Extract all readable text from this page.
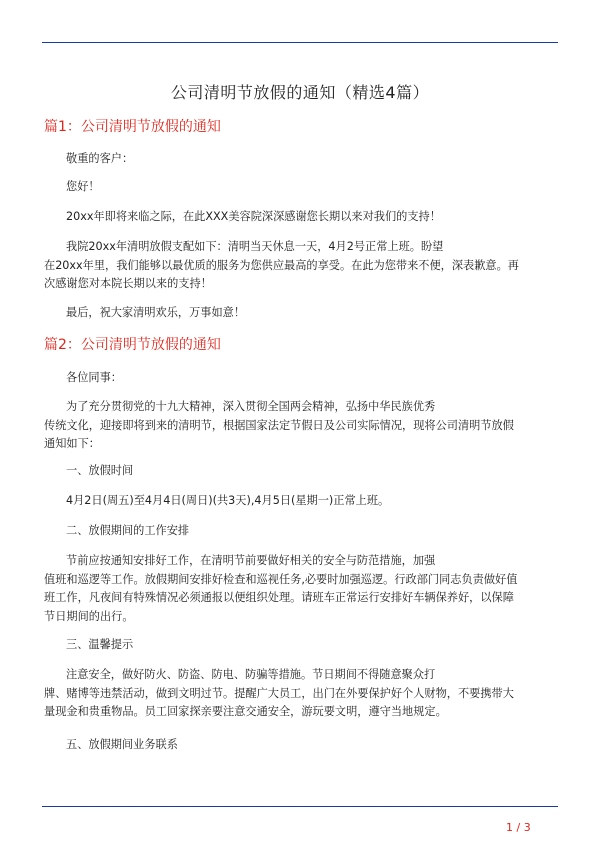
公司清明节放假的通知（精选4篇）
篇1：公司清明节放假的通知
敬重的客户：
您好！
20xx年即将来临之际，在此XXX美容院深深感谢您长期以来对我们的支持！
我院20xx年清明放假支配如下：清明当天休息一天，4月2号正常上班。盼望
在20xx年里，我们能够以最优质的服务为您供应最高的享受。在此为您带来不便，深表歉意。再
次感谢您对本院长期以来的支持！
最后，祝大家清明欢乐，万事如意！
篇2：公司清明节放假的通知
各位同事：
为了充分贯彻党的十九大精神，深入贯彻全国两会精神，弘扬中华民族优秀
传统文化，迎接即将到来的清明节，根据国家法定节假日及公司实际情况，现将公司清明节放假
通知如下：
一、放假时间
4月2日(周五)至4月4日(周日)(共3天),4月5日(星期一)正常上班。
二、放假期间的工作安排
节前应按通知安排好工作，在清明节前要做好相关的安全与防范措施，加强
值班和巡逻等工作。放假期间安排好检查和巡视任务,必要时加强巡逻。行政部门同志负责做好值
班工作，凡夜间有特殊情况必须通报以便组织处理。请班车正常运行安排好车辆保养好，以保障
节日期间的出行。
三、温馨提示
注意安全，做好防火、防盗、防电、防骗等措施。节日期间不得随意聚众打
牌、赌博等违禁活动，做到文明过节。提醒广大员工，出门在外要保护好个人财物，不要携带大
量现金和贵重物品。员工回家探亲要注意交通安全，游玩要文明，遵守当地规定。
五、放假期间业务联系
1 / 3
